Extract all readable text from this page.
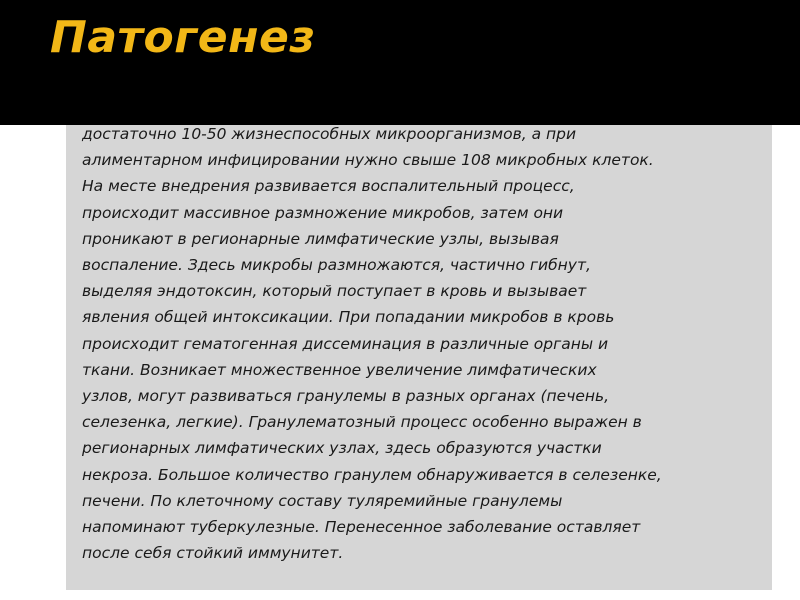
достаточно 10-50 жизнеспособных микроорганизмов, а при
алиментарном инфицировании нужно свыше 108 микробных клеток.
На месте внедрения развивается воспалительный процесс,
происходит массивное размножение микробов, затем они
проникают в регионарные лимфатические узлы, вызывая
воспаление. Здесь микробы размножаются, частично гибнут,
выделяя эндотоксин, который поступает в кровь и вызывает
явления общей интоксикации. При попадании микробов в кровь
происходит гематогенная диссеминация в различные органы и
ткани. Возникает множественное увеличение лимфатических
узлов, могут развиваться гранулемы в разных органах (печень,
селезенка, легкие). Гранулематозный процесс особенно выражен в
регионарных лимфатических узлах, здесь образуются участки
некроза. Большое количество гранулем обнаруживается в селезенке,
печени. По клеточному составу туляремийные гранулемы
напоминают туберкулезные. Перенесенное заболевание оставляет
после себя стойкий иммунитет.

Патогенез
